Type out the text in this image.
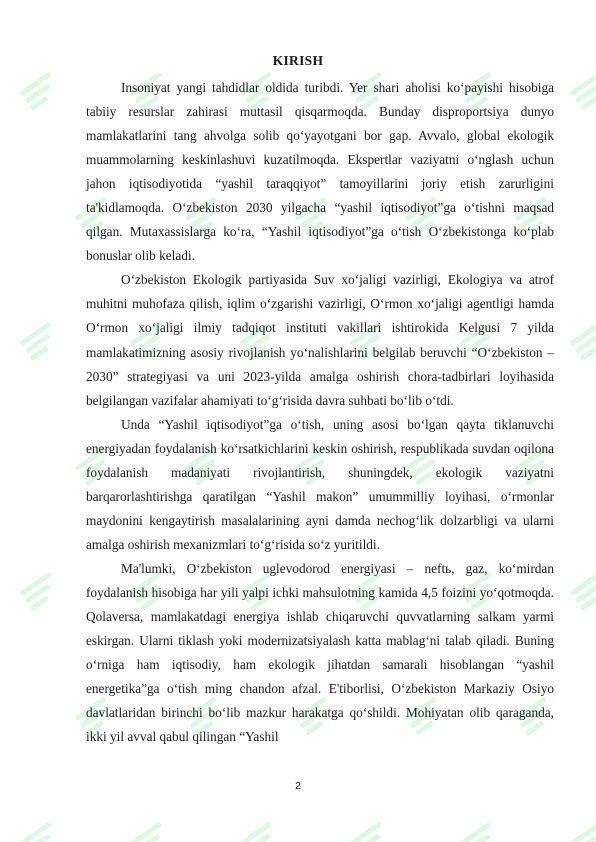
KIRISH

Insoniyat yangi tahdidlar oldida turibdi. Yer shari aholisi ko‘payishi hisobiga tabiiy resurslar zahirasi muttasil qisqarmoqda. Bunday disproportsiya dunyo mamlakatlarini tang ahvolga solib qo‘yayotgani bor gap. Avvalo, global ekologik muammolarning keskinlashuvi kuzatilmoqda. Ekspertlar vaziyatni o‘nglash uchun jahon iqtisodiyotida “yashil taraqqiyot” tamoyillarini joriy etish zarurligini ta'kidlamoqda. O‘zbekiston 2030 yilgacha “yashil iqtisodiyot”ga o‘tishni maqsad qilgan. Mutaxassislarga ko‘ra, “Yashil iqtisodiyot”ga o‘tish O‘zbekistonga ko‘plab bonuslar olib keladi.

O‘zbekiston Ekologik partiyasida Suv xo‘jaligi vazirligi, Ekologiya va atrof muhitni muhofaza qilish, iqlim o‘zgarishi vazirligi, O‘rmon xo‘jaligi agentligi hamda O‘rmon xo‘jaligi ilmiy tadqiqot instituti vakillari ishtirokida Kelgusi 7 yilda mamlakatimizning asosiy rivojlanish yo‘nalishlarini belgilab beruvchi “O‘zbekiston – 2030” strategiyasi va uni 2023-yilda amalga oshirish chora-tadbirlari loyihasida belgilangan vazifalar ahamiyati to‘g‘risida davra suhbati bo‘lib o‘tdi.

Unda “Yashil iqtisodiyot”ga o‘tish, uning asosi bo‘lgan qayta tiklanuvchi energiyadan foydalanish ko‘rsatkichlarini keskin oshirish, respublikada suvdan oqilona foydalanish madaniyati rivojlantirish, shuningdek, ekologik vaziyatni barqarorlashtirishga qaratilgan “Yashil makon” umummilliy loyihasi, o‘rmonlar maydonini kengaytirish masalalarining ayni damda nechog‘lik dolzarbligi va ularni amalga oshirish mexanizmlari to‘g‘risida so‘z yuritildi.

Ma'lumki, O‘zbekiston uglevodorod energiyasi – neftь, gaz, ko‘mirdan foydalanish hisobiga har yili yalpi ichki mahsulotning kamida 4,5 foizini yo‘qotmoqda. Qolaversa, mamlakatdagi energiya ishlab chiqaruvchi quvvatlarning salkam yarmi eskirgan. Ularni tiklash yoki modernizatsiyalash katta mablag‘ni talab qiladi. Buning o‘rniga ham iqtisodiy, ham ekologik jihatdan samarali hisoblangan “yashil energetika”ga o‘tish ming chandon afzal. E'tiborlisi, O‘zbekiston Markaziy Osiyo davlatlaridan birinchi bo‘lib mazkur harakatga qo‘shildi. Mohiyatan olib qaraganda, ikki yil avval qabul qilingan “Yashil

2
